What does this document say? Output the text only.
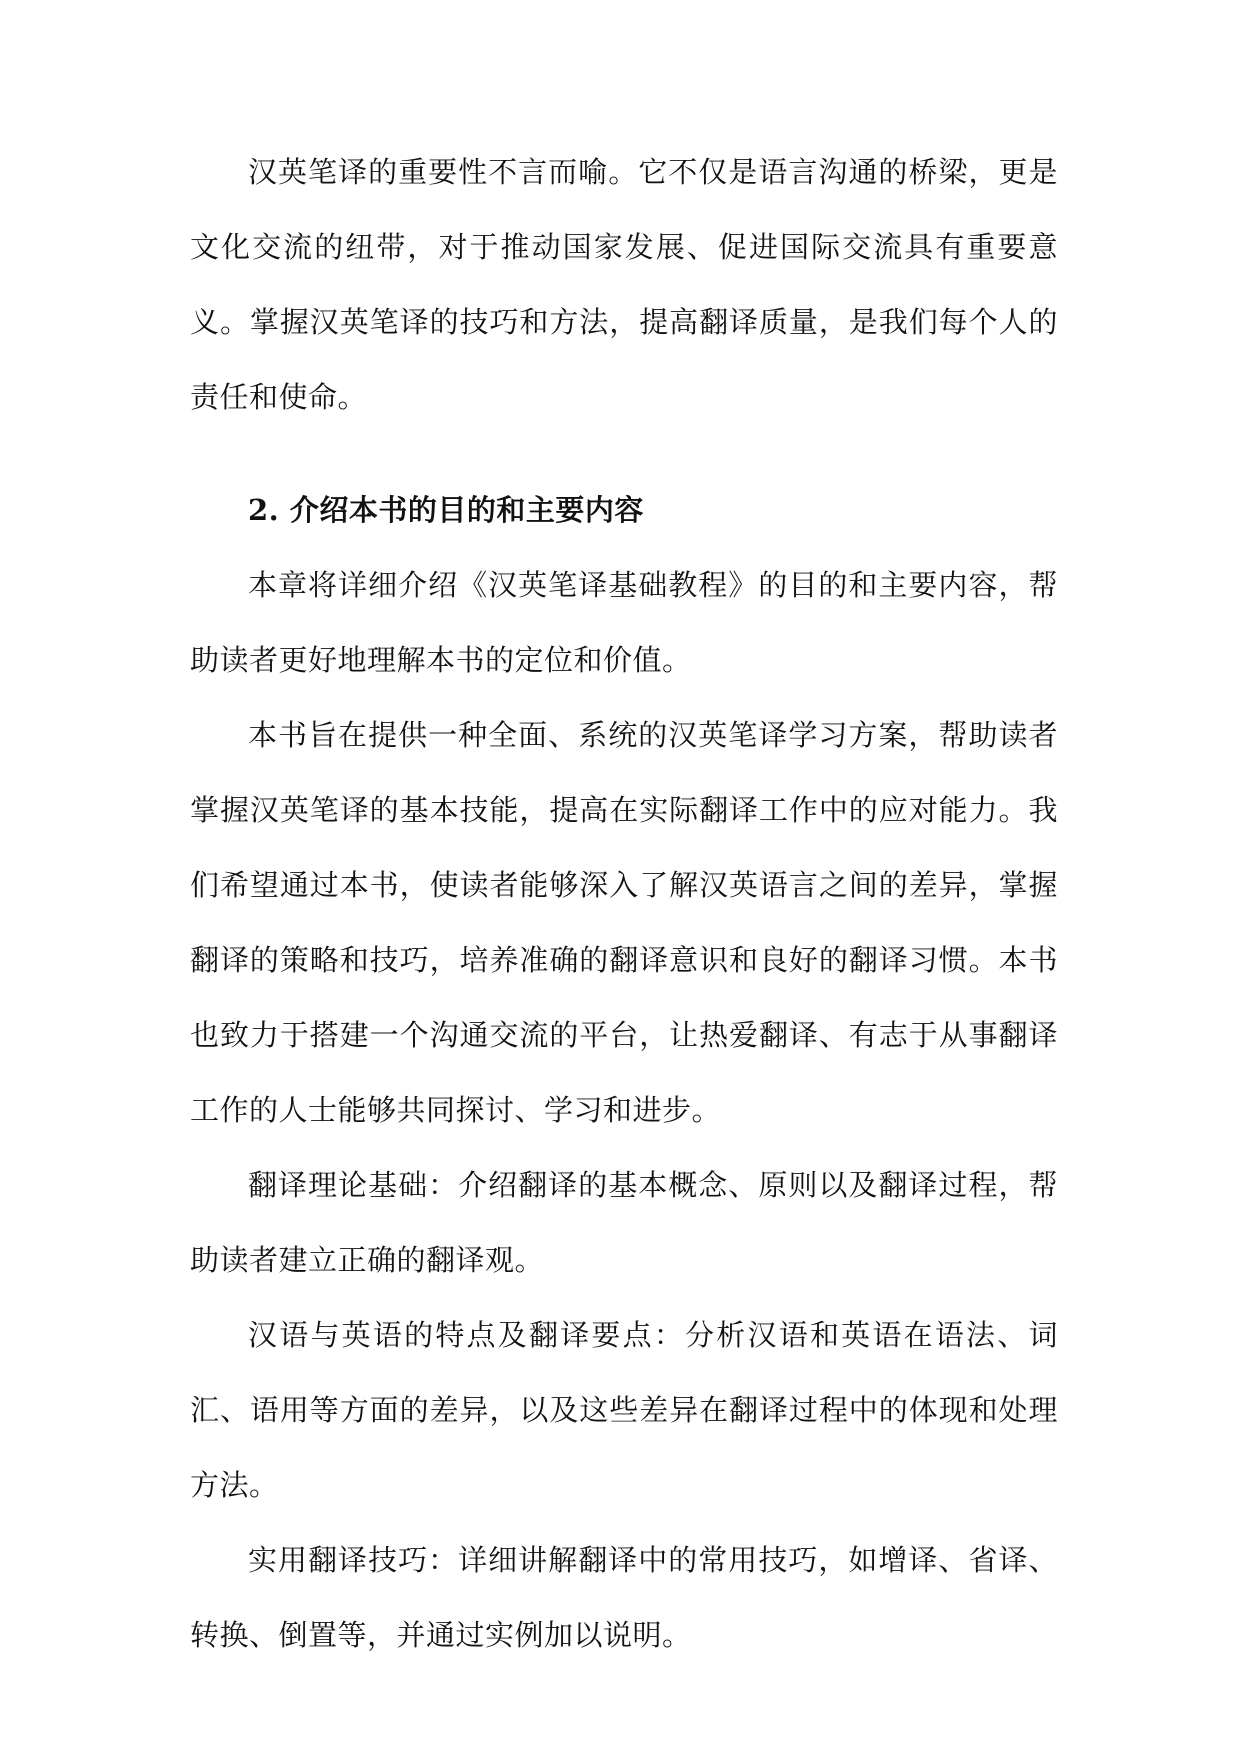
汉英笔译的重要性不言而喻。它不仅是语言沟通的桥梁，更是文化交流的纽带，对于推动国家发展、促进国际交流具有重要意义。掌握汉英笔译的技巧和方法，提高翻译质量，是我们每个人的责任和使命。

2. 介绍本书的目的和主要内容

本章将详细介绍《汉英笔译基础教程》的目的和主要内容，帮助读者更好地理解本书的定位和价值。

本书旨在提供一种全面、系统的汉英笔译学习方案，帮助读者掌握汉英笔译的基本技能，提高在实际翻译工作中的应对能力。我们希望通过本书，使读者能够深入了解汉英语言之间的差异，掌握翻译的策略和技巧，培养准确的翻译意识和良好的翻译习惯。本书也致力于搭建一个沟通交流的平台，让热爱翻译、有志于从事翻译工作的人士能够共同探讨、学习和进步。

翻译理论基础：介绍翻译的基本概念、原则以及翻译过程，帮助读者建立正确的翻译观。

汉语与英语的特点及翻译要点：分析汉语和英语在语法、词汇、语用等方面的差异，以及这些差异在翻译过程中的体现和处理方法。

实用翻译技巧：详细讲解翻译中的常用技巧，如增译、省译、转换、倒置等，并通过实例加以说明。
